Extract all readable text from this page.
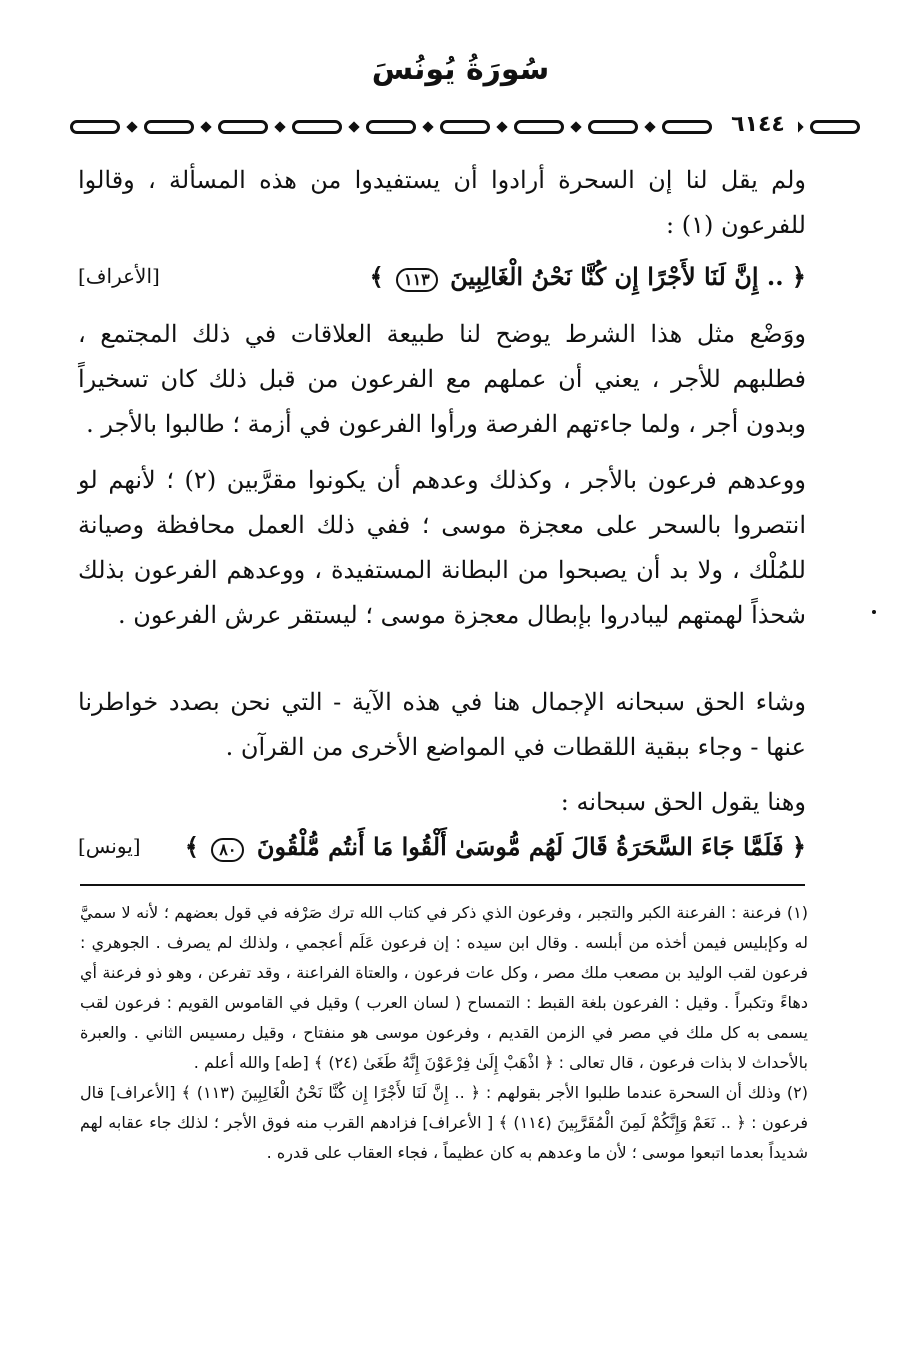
سُورَةُ يُونُسَ
٦١٤٤
ولم يقل لنا إن السحرة أرادوا أن يستفيدوا من هذه المسألة ، وقالوا للفرعون (١) :
﴿ .. إِنَّ لَنَا لأَجْرًا إِن كُنَّا نَحْنُ الْغَالِبِينَ ١١٣ ﴾
[الأعراف]
ووَضْع مثل هذا الشرط يوضح لنا طبيعة العلاقات في ذلك المجتمع ، فطلبهم للأجر ، يعني أن عملهم مع الفرعون من قبل ذلك كان تسخيراً وبدون أجر ، ولما جاءتهم الفرصة ورأوا الفرعون في أزمة ؛ طالبوا بالأجر .
ووعدهم فرعون بالأجر ، وكذلك وعدهم أن يكونوا مقرَّبين (٢) ؛ لأنهم لو انتصروا بالسحر على معجزة موسى ؛ ففي ذلك العمل محافظة وصيانة للمُلْك ، ولا بد أن يصبحوا من البطانة المستفيدة ، ووعدهم الفرعون بذلك شحذاً لهمتهم ليبادروا بإبطال معجزة موسى ؛ ليستقر عرش الفرعون .
وشاء الحق سبحانه الإجمال هنا في هذه الآية - التي نحن بصدد خواطرنا عنها - وجاء ببقية اللقطات في المواضع الأخرى من القرآن .
وهنا يقول الحق سبحانه :
﴿ فَلَمَّا جَاءَ السَّحَرَةُ قَالَ لَهُم مُّوسَىٰ أَلْقُوا مَا أَنتُم مُّلْقُونَ ٨٠ ﴾
[يونس]

(١) فرعنة : الفرعنة الكبر والتجبر ، وفرعون الذي ذكر في كتاب الله ترك صَرْفه في قول بعضهم ؛ لأنه لا سميَّ له وكإبليس فيمن أخذه من أبلسه . وقال ابن سيده : إن فرعون عَلَم أعجمي ، ولذلك لم يصرف . الجوهري : فرعون لقب الوليد بن مصعب ملك مصر ، وكل عات فرعون ، والعتاة الفراعنة ، وقد تفرعن ، وهو ذو فرعنة أي دهاءً وتكبراً . وقيل : الفرعون بلغة القبط : التمساح ( لسان العرب ) وقيل في القاموس القويم : فرعون لقب يسمى به كل ملك في مصر في الزمن القديم ، وفرعون موسى هو منفتاح ، وقيل رمسيس الثاني . والعبرة بالأحداث لا بذات فرعون ، قال تعالى : ﴿ اذْهَبْ إِلَىٰ فِرْعَوْنَ إِنَّهُ طَغَىٰ (٢٤) ﴾ [طه] والله أعلم .

(٢) وذلك أن السحرة عندما طلبوا الأجر بقولهم : ﴿ .. إِنَّ لَنَا لأَجْرًا إِن كُنَّا نَحْنُ الْغَالِبِينَ (١١٣) ﴾ [الأعراف] قال فرعون : ﴿ .. نَعَمْ وَإِنَّكُمْ لَمِنَ الْمُقَرَّبِينَ (١١٤) ﴾ [ الأعراف] فزادهم القرب منه فوق الأجر ؛ لذلك جاء عقابه لهم شديداً بعدما اتبعوا موسى ؛ لأن ما وعدهم به كان عظيماً ، فجاء العقاب على قدره .
